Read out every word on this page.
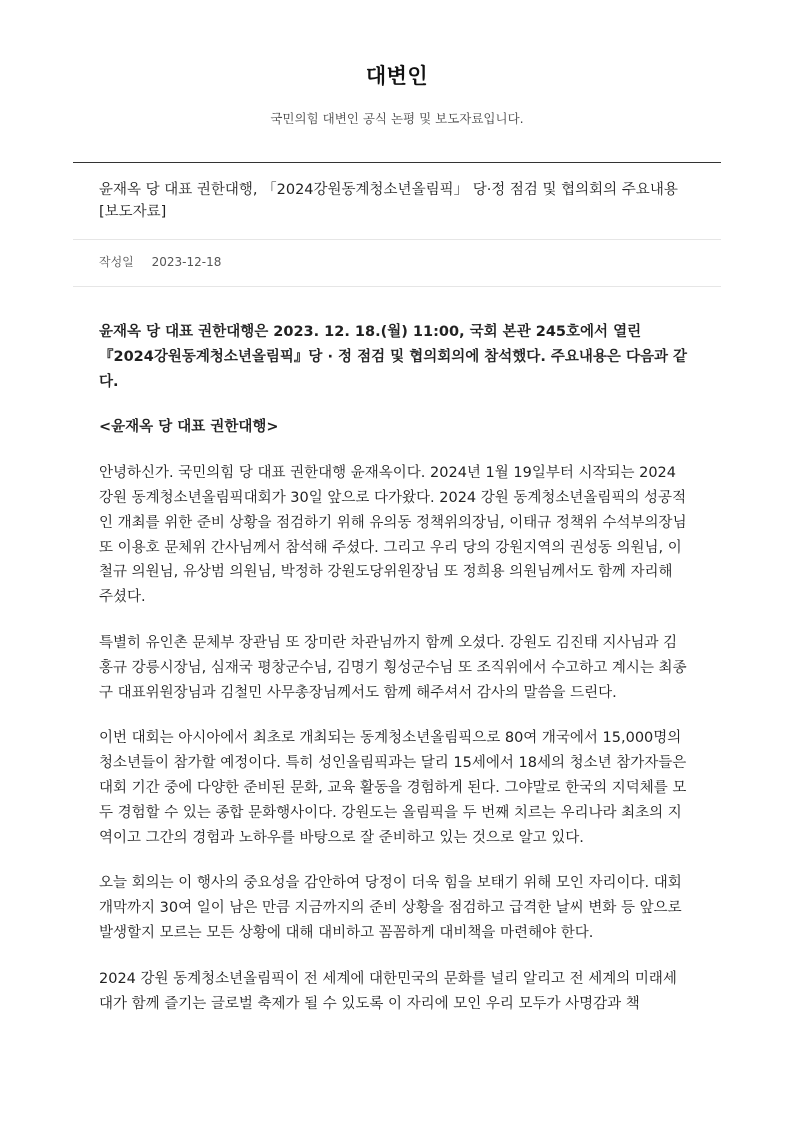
대변인
국민의힘 대변인 공식 논평 및 보도자료입니다.
윤재옥 당 대표 권한대행, 「2024강원동계청소년올림픽」 당·정 점검 및 협의회의 주요내용 [보도자료]
작성일 2023-12-18

윤재옥 당 대표 권한대행은 2023. 12. 18.(월) 11:00, 국회 본관 245호에서 열린『2024강원동계청소년올림픽』당 · 정 점검 및 협의회의에 참석했다. 주요내용은 다음과 같다.

<윤재옥 당 대표 권한대행>

안녕하신가. 국민의힘 당 대표 권한대행 윤재옥이다. 2024년 1월 19일부터 시작되는 2024 강원 동계청소년올림픽대회가 30일 앞으로 다가왔다. 2024 강원 동계청소년올림픽의 성공적인 개최를 위한 준비 상황을 점검하기 위해 유의동 정책위의장님, 이태규 정책위 수석부의장님 또 이용호 문체위 간사님께서 참석해 주셨다. 그리고 우리 당의 강원지역의 권성동 의원님, 이철규 의원님, 유상범 의원님, 박정하 강원도당위원장님 또 정희용 의원님께서도 함께 자리해 주셨다.

특별히 유인촌 문체부 장관님 또 장미란 차관님까지 함께 오셨다. 강원도 김진태 지사님과 김홍규 강릉시장님, 심재국 평창군수님, 김명기 횡성군수님 또 조직위에서 수고하고 계시는 최종구 대표위원장님과 김철민 사무총장님께서도 함께 해주셔서 감사의 말씀을 드린다.

이번 대회는 아시아에서 최초로 개최되는 동계청소년올림픽으로 80여 개국에서 15,000명의 청소년들이 참가할 예정이다. 특히 성인올림픽과는 달리 15세에서 18세의 청소년 참가자들은 대회 기간 중에 다양한 준비된 문화, 교육 활동을 경험하게 된다. 그야말로 한국의 지덕체를 모두 경험할 수 있는 종합 문화행사이다. 강원도는 올림픽을 두 번째 치르는 우리나라 최초의 지역이고 그간의 경험과 노하우를 바탕으로 잘 준비하고 있는 것으로 알고 있다.

오늘 회의는 이 행사의 중요성을 감안하여 당정이 더욱 힘을 보태기 위해 모인 자리이다. 대회 개막까지 30여 일이 남은 만큼 지금까지의 준비 상황을 점검하고 급격한 날씨 변화 등 앞으로 발생할지 모르는 모든 상황에 대해 대비하고 꼼꼼하게 대비책을 마련해야 한다.

2024 강원 동계청소년올림픽이 전 세계에 대한민국의 문화를 널리 알리고 전 세계의 미래세대가 함께 즐기는 글로벌 축제가 될 수 있도록 이 자리에 모인 우리 모두가 사명감과 책
